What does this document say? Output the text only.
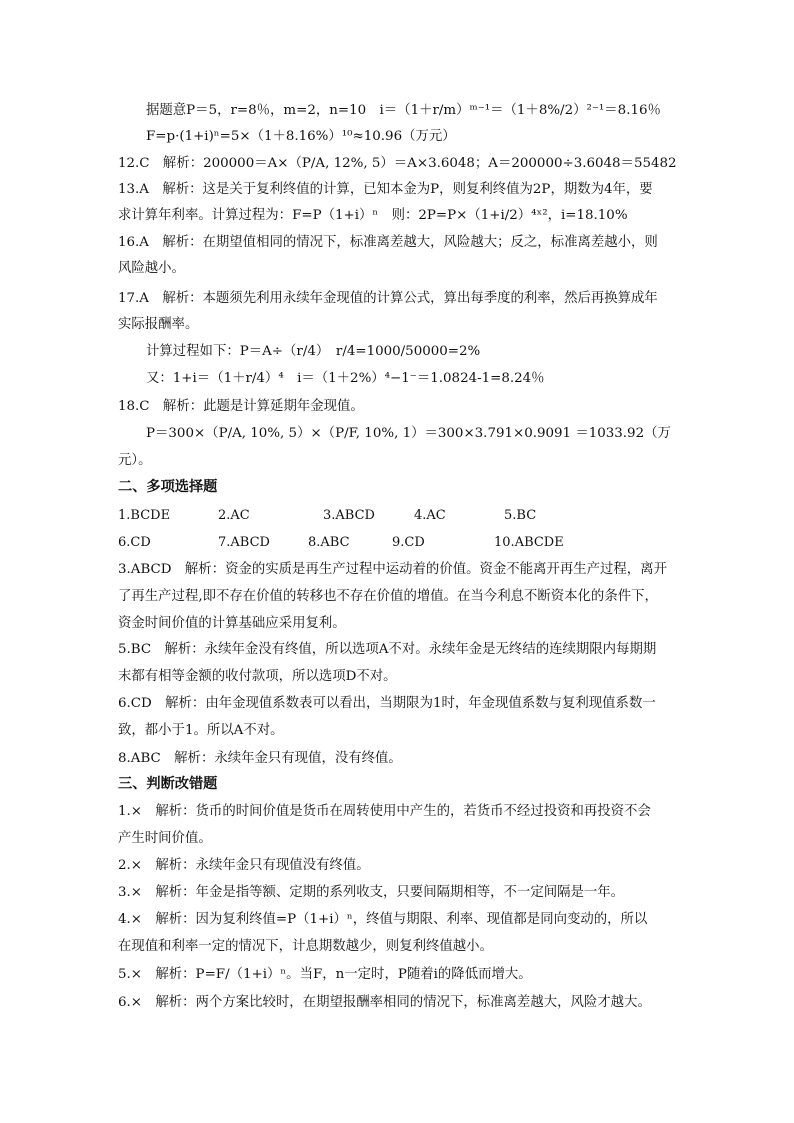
据题意P＝5，r=8％，m=2，n=10　i＝（1＋r/m）ᵐ⁻¹＝（1＋8%/2）²⁻¹＝8.16％
F=p·(1+i)ⁿ=5×（1＋8.16%）¹⁰≈10.96（万元）
12.C　解析：200000＝A×（P/A, 12%, 5）＝A×3.6048；A＝200000÷3.6048＝55482
13.A　解析：这是关于复利终值的计算，已知本金为P，则复利终值为2P，期数为4年，要
求计算年利率。计算过程为：F=P（1+i）ⁿ　则：2P=P×（1+i/2）⁴ˣ²，i=18.10%
16.A　解析：在期望值相同的情况下，标准离差越大，风险越大；反之，标准离差越小，则
风险越小。
17.A　解析：本题须先利用永续年金现值的计算公式，算出每季度的利率，然后再换算成年
实际报酬率。
计算过程如下：P＝A÷（r/4）　r/4=1000/50000=2%
又：1+i＝（1＋r/4）⁴　i＝（1＋2%）⁴−1⁻＝1.0824-1=8.24％
18.C　解析：此题是计算延期年金现值。
P＝300×（P/A, 10%, 5）×（P/F, 10%, 1）＝300×3.791×0.9091 ＝1033.92（万
元）。
二、多项选择题
1.BCDE	2.AC	3.ABCD	4.AC	5.BC
6.CD	7.ABCD	8.ABC	9.CD	10.ABCDE
3.ABCD　解析：资金的实质是再生产过程中运动着的价值。资金不能离开再生产过程，离开
了再生产过程,即不存在价值的转移也不存在价值的增值。在当今利息不断资本化的条件下，
资金时间价值的计算基础应采用复利。
5.BC　解析：永续年金没有终值，所以选项A不对。永续年金是无终结的连续期限内每期期
末都有相等金额的收付款项，所以选项D不对。
6.CD　解析：由年金现值系数表可以看出，当期限为1时，年金现值系数与复利现值系数一
致，都小于1。所以A不对。
8.ABC　解析：永续年金只有现值，没有终值。
三、判断改错题
1.×　解析：货币的时间价值是货币在周转使用中产生的，若货币不经过投资和再投资不会
产生时间价值。
2.×　解析：永续年金只有现值没有终值。
3.×　解析：年金是指等额、定期的系列收支，只要间隔期相等，不一定间隔是一年。
4.×　解析：因为复利终值=P（1+i）ⁿ，终值与期限、利率、现值都是同向变动的，所以
在现值和利率一定的情况下，计息期数越少，则复利终值越小。
5.×　解析：P=F/（1+i）ⁿ。当F，n一定时，P随着i的降低而增大。
6.×　解析：两个方案比较时，在期望报酬率相同的情况下，标准离差越大，风险才越大。
